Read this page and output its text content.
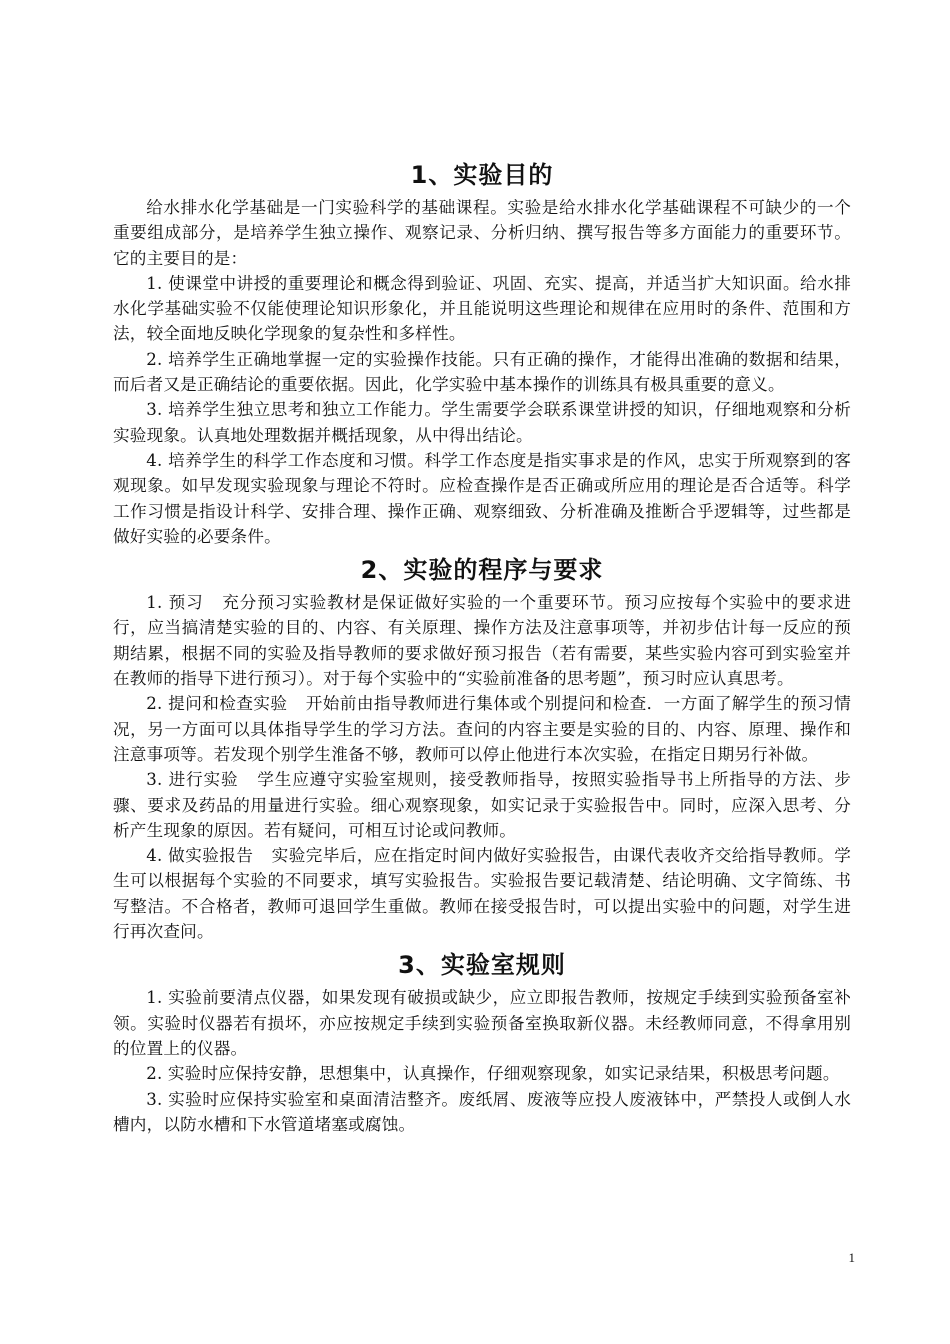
1、实验目的

给水排水化学基础是一门实验科学的基础课程。实验是给水排水化学基础课程不可缺少的一个重要组成部分，是培养学生独立操作、观察记录、分析归纳、撰写报告等多方面能力的重要环节。它的主要目的是：

1. 使课堂中讲授的重要理论和概念得到验证、巩固、充实、提高，并适当扩大知识面。给水排水化学基础实验不仅能使理论知识形象化，并且能说明这些理论和规律在应用时的条件、范围和方法，较全面地反映化学现象的复杂性和多样性。

2. 培养学生正确地掌握一定的实验操作技能。只有正确的操作，才能得出准确的数据和结果，而后者又是正确结论的重要依据。因此，化学实验中基本操作的训练具有极具重要的意义。

3. 培养学生独立思考和独立工作能力。学生需要学会联系课堂讲授的知识，仔细地观察和分析实验现象。认真地处理数据并概括现象，从中得出结论。

4. 培养学生的科学工作态度和习惯。科学工作态度是指实事求是的作风，忠实于所观察到的客观现象。如早发现实验现象与理论不符时。应检查操作是否正确或所应用的理论是否合适等。科学工作习惯是指设计科学、安排合理、操作正确、观察细致、分析准确及推断合乎逻辑等，过些都是做好实验的必要条件。

2、实验的程序与要求

1. 预习 充分预习实验教材是保证做好实验的一个重要环节。预习应按每个实验中的要求进行，应当搞清楚实验的目的、内容、有关原理、操作方法及注意事项等，并初步估计每一反应的预期结累，根据不同的实验及指导教师的要求做好预习报告（若有需要，某些实验内容可到实验室并在教师的指导下进行预习）。对于每个实验中的“实验前准备的思考题”，预习时应认真思考。

2. 提问和检查实验 开始前由指导教师进行集体或个别提问和检查．一方面了解学生的预习情况，另一方面可以具体指导学生的学习方法。查问的内容主要是实验的目的、内容、原理、操作和注意事项等。若发现个别学生淮备不够，教师可以停止他进行本次实验，在指定日期另行补做。

3. 进行实验 学生应遵守实验室规则，接受教师指导，按照实验指导书上所指导的方法、步骤、要求及药品的用量进行实验。细心观察现象，如实记录于实验报告中。同时，应深入思考、分析产生现象的原因。若有疑问，可相互讨论或问教师。

4. 做实验报告 实验完毕后，应在指定时间内做好实验报告，由课代表收齐交给指导教师。学生可以根据每个实验的不同要求，填写实验报告。实验报告要记载清楚、结论明确、文字简练、书写整洁。不合格者，教师可退回学生重做。教师在接受报告时，可以提出实验中的问题，对学生进行再次查问。

3、实验室规则

1. 实验前要清点仪器，如果发现有破损或缺少，应立即报告教师，按规定手续到实验预备室补领。实验时仪器若有损坏，亦应按规定手续到实验预备室换取新仪器。未经教师同意，不得拿用别的位置上的仪器。

2. 实验时应保持安静，思想集中，认真操作，仔细观察现象，如实记录结果，积极思考问题。

3. 实验时应保持实验室和桌面清洁整齐。废纸屑、废液等应投人废液钵中，严禁投人或倒人水槽内，以防水槽和下水管道堵塞或腐蚀。

1
